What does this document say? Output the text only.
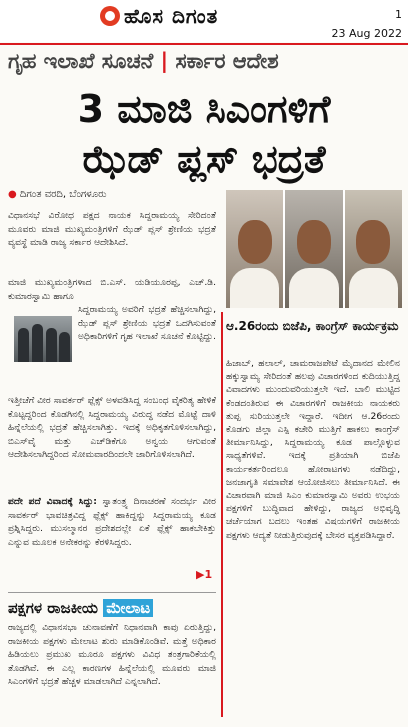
ಹೊಸ ದಿಗಂತ	1
23 Aug 2022
ಗೃಹ ಇಲಾಖೆ ಸೂಚನೆ | ಸರ್ಕಾರ ಆದೇಶ
3 ಮಾಜಿ ಸಿಎಂಗಳಿಗೆ
ಝೆಡ್ ಪ್ಲಸ್ ಭದ್ರತೆ
● ದಿಗಂತ ವರದಿ, ಬೆಂಗಳೂರು
ವಿಧಾನಸಭೆ ವಿರೋಧ ಪಕ್ಷದ ನಾಯಕ ಸಿದ್ದರಾಮಯ್ಯ ಸೇರಿದಂತೆ ಮೂವರು ಮಾಜಿ ಮುಖ್ಯಮಂತ್ರಿಗಳಿಗೆ ಝೆಡ್ ಪ್ಲಸ್ ಶ್ರೇಣಿಯ ಭದ್ರತೆ ವ್ಯವಸ್ಥೆ ಮಾಡಿ ರಾಜ್ಯ ಸರ್ಕಾರ ಆದೇಶಿಸಿದೆ.
ಮಾಜಿ ಮುಖ್ಯಮಂತ್ರಿಗಳಾದ ಬಿ.ಎಸ್. ಯಡಿಯೂರಪ್ಪ, ಎಚ್.ಡಿ. ಕುಮಾರಸ್ವಾಮಿ ಹಾಗೂ
ಸಿದ್ದರಾಮಯ್ಯ ಅವರಿಗೆ ಭದ್ರತೆ ಹೆಚ್ಚಿಸಲಾಗಿದ್ದು, ಝೆಡ್ ಪ್ಲಸ್ ಶ್ರೇಣಿಯ ಭದ್ರತೆ ಒದಗಿಸುವಂತೆ ಅಧಿಕಾರಿಗಳಿಗೆ ಗೃಹ ಇಲಾಖೆ ಸೂಚನೆ ಕೊಟ್ಟಿದ್ದು.
ಇತ್ತೀಚೆಗೆ ವೀರ ಸಾವರ್ಕರ್ ಫ್ಲೆಕ್ಸ್ ಅಳವಡಿಸಿದ್ದ ಸಂಬಂಧ ವೈಕರಿತ್ಯ ಹೇಳಿಕೆ ಕೊಟ್ಟದ್ದರಿಂದ ಕೊಡಗಿನಲ್ಲಿ ಸಿದ್ದರಾಮಯ್ಯ ವಿರುದ್ಧ ನಡೆದ ಮೊಟ್ಟೆ ದಾಳಿ ಹಿನ್ನೆಲೆಯಲ್ಲಿ ಭದ್ರತೆ ಹೆಚ್ಚಿಸಲಾಗಿತ್ತು. ಇದಕ್ಕೆ ಅಧಿಕೃತಗೊಳಿಸಲಾಗಿದ್ದು, ಬಿಎಸ್‌ವೈ ಮತ್ತು ಎಚ್‌ಡಿಕೆಗೂ ಅನ್ವಯ ಆಗುವಂತೆ ಆದೇಶಿಸಲಾಗಿದ್ದರಿಂದ ಸೋಮವಾರದಿಂದಲೇ ಜಾರಿಗೊಳಿಸಲಾಗಿದೆ.
ಪದೇ ಪದೆ ವಿವಾದಕ್ಕೆ ಸಿದ್ದು: ಸ್ವಾತಂತ್ರ್ಯ ದಿನಾಚರಣೆ ಸಂದರ್ಭ ವೀರ ಸಾವರ್ಕರ್ ಭಾವಚಿತ್ರವಿದ್ದ ಫ್ಲೆಕ್ಸ್ ಹಾಕಿದ್ದನ್ನು ಸಿದ್ದರಾಮಯ್ಯ ಕೂಡ ಪ್ರಶ್ನಿಸಿದ್ದರು. ಮುಸಲ್ಮಾನರ ಪ್ರದೇಶದಲ್ಲೇ ಏಕೆ ಫ್ಲೆಕ್ಸ್ ಹಾಕಬೇಕಿತ್ತು ಎನ್ನುವ ಮೂಲಕ ಅನೇಕರನ್ನು ಕೆರಳಿಸಿದ್ದರು.
▶1
ಆ.26ರಂದು ಬಿಜೆಪಿ, ಕಾಂಗ್ರೆಸ್ ಕಾರ್ಯಕ್ರಮ
ಹಿಜಾಬ್, ಹಲಾಲ್, ಚಾಮರಾಜಪೇಟೆ ಮೈದಾನದ ಮೇಲಿನ ಹಕ್ಕುಸ್ವಾಮ್ಯ ಸೇರಿದಂತೆ ಹಲವು ವಿಚಾರಗಳಿಂದ ಕುದಿಯುತ್ತಿದ್ದ ವಿವಾದಗಳು ಮುಂದುವರಿಯುತ್ತಲೇ ಇದೆ. ಬಾಲಿ ಮುಟ್ಟಿದ ಕೆಂಡದಂತಿರುವ ಈ ವಿಚಾರಗಳಿಗೆ ರಾಜಕೀಯ ನಾಯಕರು ತುಪ್ಪ ಸುರಿಯುತ್ತಲೇ ಇದ್ದಾರೆ. ಇದೀಗ ಆ.26ರಂದು ಕೊಡಗು ಜಿಲ್ಲಾ ಎಸ್ಪಿ ಕಚೇರಿ ಮುತ್ತಿಗೆ ಹಾಕಲು ಕಾಂಗ್ರೆಸ್ ತೀರ್ಮಾನಿಸಿದ್ದು, ಸಿದ್ದರಾಮಯ್ಯ ಕೂಡ ಪಾಲ್ಗೊಳ್ಳುವ ಸಾಧ್ಯತೆಗಳಿವೆ. ಇದಕ್ಕೆ ಪ್ರತಿಯಾಗಿ ಬಿಜೆಪಿ ಕಾರ್ಯಕರ್ತರಿಂದಲೂ ಹೋರಾಟಗಳು ನಡೆದಿದ್ದು, ಜನಜಾಗೃತಿ ಸಮಾವೇಶ ಆಯೋಜಿಸಲು ತೀರ್ಮಾನಿಸಿದೆ. ಈ ವಿಚಾರವಾಗಿ ಮಾಜಿ ಸಿಎಂ ಕುಮಾರಸ್ವಾಮಿ ಅವರು ಉಭಯ ಪಕ್ಷಗಳಿಗೆ ಬುದ್ಧಿವಾದ ಹೇಳಿದ್ದು, ರಾಜ್ಯದ ಅಭಿವೃದ್ಧಿ ಚರ್ಚೆಯಾಗ ಬದಲು ಇಂತಹ ವಿಷಯಗಳಿಗೆ ರಾಜಕೀಯ ಪಕ್ಷಗಳು ಆದ್ಯತೆ ನೀಡುತ್ತಿರುವುದಕ್ಕೆ ಬೇಸರ ವ್ಯಕ್ತಪಡಿಸಿದ್ದಾರೆ.
ಪಕ್ಷಗಳ ರಾಜಕೀಯ ಮೇಲಾಟ
ರಾಜ್ಯದಲ್ಲಿ ವಿಧಾನಸಭಾ ಚುನಾವಣೆಗೆ ನಿಧಾನವಾಗಿ ಕಾವು ಏರುತ್ತಿದ್ದು, ರಾಜಕೀಯ ಪಕ್ಷಗಳು ಮೇಲಾಟ ಶುರು ಮಾಡಿಕೊಂಡಿವೆ. ಮತ್ತೆ ಅಧಿಕಾರ ಹಿಡಿಯಲು ಪ್ರಮುಖ ಮೂರೂ ಪಕ್ಷಗಳು ವಿವಿಧ ತಂತ್ರಗಾರಿಕೆಯಲ್ಲಿ ತೊಡಗಿವೆ. ಈ ಎಲ್ಲ ಕಾರಣಗಳ ಹಿನ್ನೆಲೆಯಲ್ಲಿ ಮೂವರು ಮಾಜಿ ಸಿಎಂಗಳಿಗೆ ಭದ್ರತೆ ಹೆಚ್ಚಳ ಮಾಡಲಾಗಿದೆ ಎನ್ನಲಾಗಿದೆ.
